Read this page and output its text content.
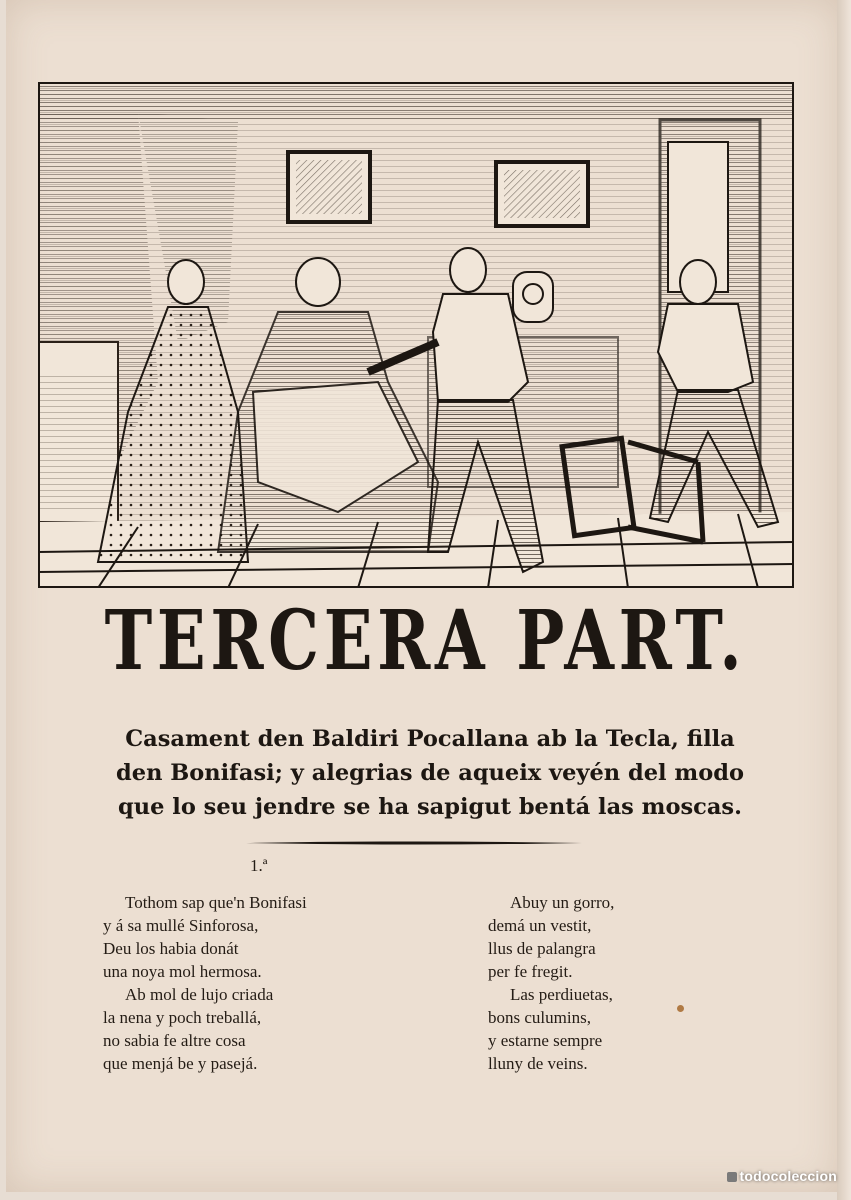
TERCERA PART.

Casament den Baldiri Pocallana ab la Tecla, filla
den Bonifasi; y alegrias de aqueix veyén del modo
que lo seu jendre se ha sapigut bentá las moscas.

1.ª
Tothom sap que'n Bonifasi
y á sa mullé Sinforosa,
Deu los habia donát
una noya mol hermosa.
Ab mol de lujo criada
la nena y poch treballá,
no sabia fe altre cosa
que menjá be y pasejá.
Abuy un gorro,
demá un vestit,
llus de palangra
per fe fregit.
Las perdiuetas,
bons culumins,
y estarne sempre
lluny de veins.
todocoleccion
